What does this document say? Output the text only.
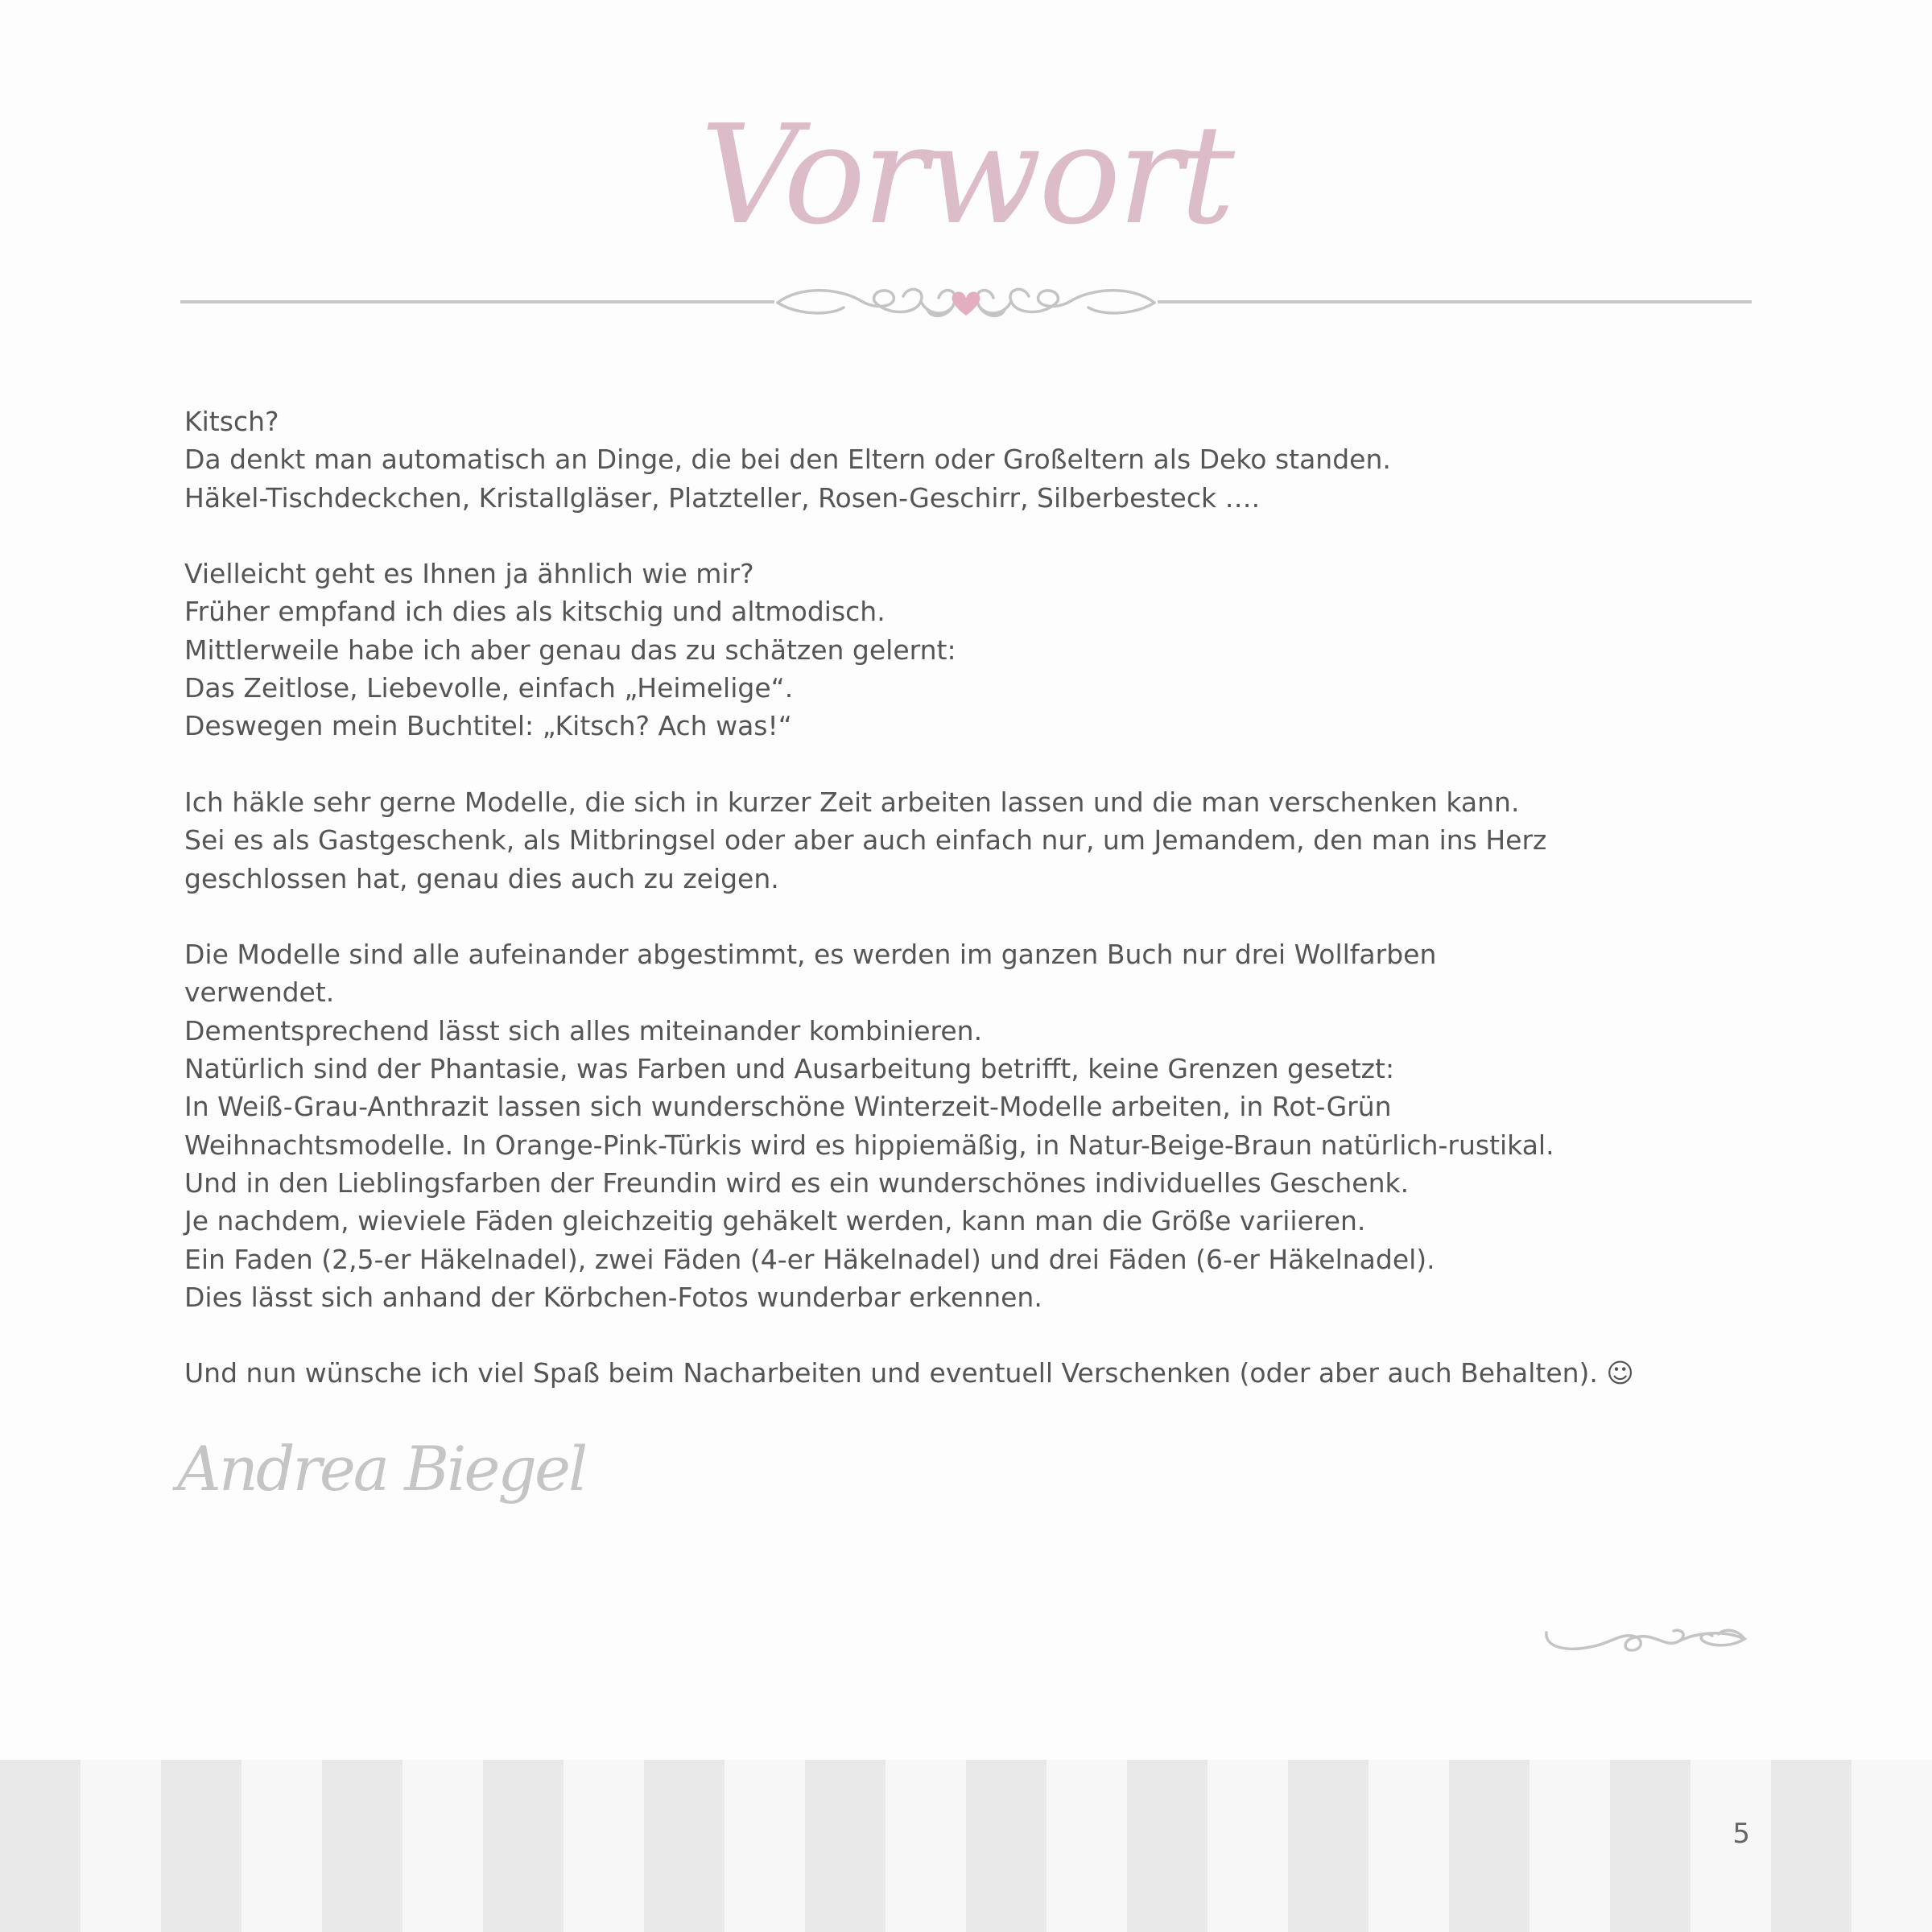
Vorwort
Kitsch?
Da denkt man automatisch an Dinge, die bei den Eltern oder Großeltern als Deko standen.
Häkel-Tischdeckchen, Kristallgläser, Platzteller, Rosen-Geschirr, Silberbesteck ….
Vielleicht geht es Ihnen ja ähnlich wie mir?
Früher empfand ich dies als kitschig und altmodisch.
Mittlerweile habe ich aber genau das zu schätzen gelernt:
Das Zeitlose, Liebevolle, einfach „Heimelige“.
Deswegen mein Buchtitel: „Kitsch? Ach was!“
Ich häkle sehr gerne Modelle, die sich in kurzer Zeit arbeiten lassen und die man verschenken kann.
Sei es als Gastgeschenk, als Mitbringsel oder aber auch einfach nur, um Jemandem, den man ins Herz
geschlossen hat, genau dies auch zu zeigen.
Die Modelle sind alle aufeinander abgestimmt, es werden im ganzen Buch nur drei Wollfarben
verwendet.
Dementsprechend lässt sich alles miteinander kombinieren.
Natürlich sind der Phantasie, was Farben und Ausarbeitung betrifft, keine Grenzen gesetzt:
In Weiß-Grau-Anthrazit lassen sich wunderschöne Winterzeit-Modelle arbeiten, in Rot-Grün
Weihnachtsmodelle. In Orange-Pink-Türkis wird es hippiemäßig, in Natur-Beige-Braun natürlich-rustikal.
Und in den Lieblingsfarben der Freundin wird es ein wunderschönes individuelles Geschenk.
Je nachdem, wieviele Fäden gleichzeitig gehäkelt werden, kann man die Größe variieren.
Ein Faden (2,5-er Häkelnadel), zwei Fäden (4-er Häkelnadel) und drei Fäden (6-er Häkelnadel).
Dies lässt sich anhand der Körbchen-Fotos wunderbar erkennen.
Und nun wünsche ich viel Spaß beim Nacharbeiten und eventuell Verschenken (oder aber auch Behalten). ☺
Andrea Biegel
5
